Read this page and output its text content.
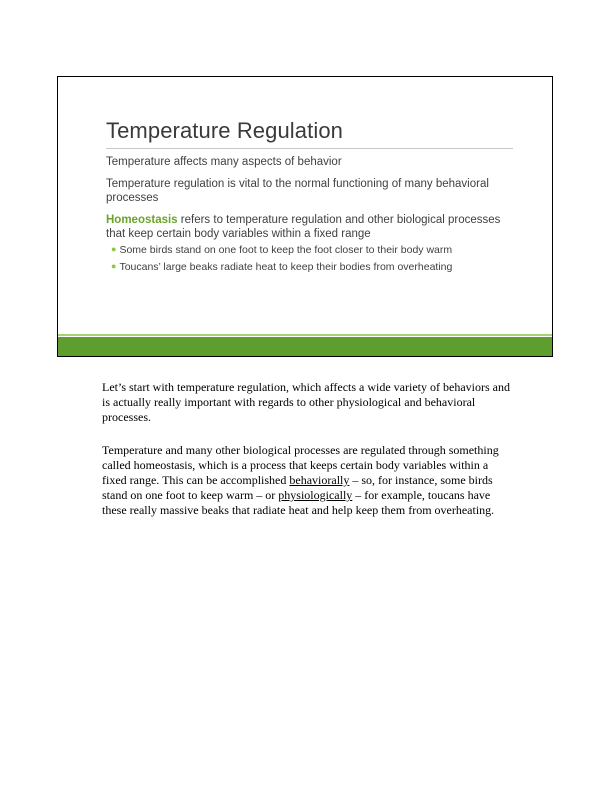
Temperature Regulation

Temperature affects many aspects of behavior

Temperature regulation is vital to the normal functioning of many behavioral processes

Homeostasis refers to temperature regulation and other biological processes that keep certain body variables within a fixed range

● Some birds stand on one foot to keep the foot closer to their body warm
● Toucans’ large beaks radiate heat to keep their bodies from overheating

Let’s start with temperature regulation, which affects a wide variety of behaviors and is actually really important with regards to other physiological and behavioral processes.

Temperature and many other biological processes are regulated through something called homeostasis, which is a process that keeps certain body variables within a fixed range. This can be accomplished behaviorally – so, for instance, some birds stand on one foot to keep warm – or physiologically – for example, toucans have these really massive beaks that radiate heat and help keep them from overheating.
